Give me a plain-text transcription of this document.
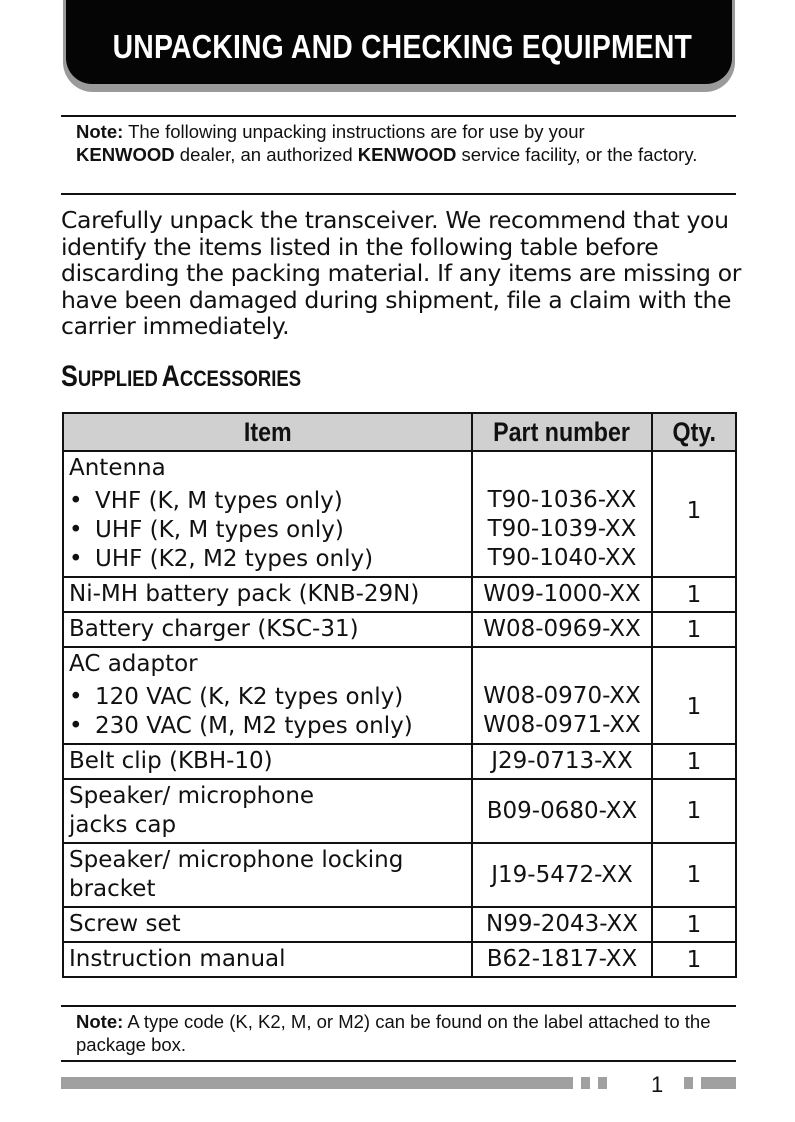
UNPACKING AND CHECKING EQUIPMENT
Note: The following unpacking instructions are for use by your
KENWOOD dealer, an authorized KENWOOD service facility, or the factory.
Carefully unpack the transceiver. We recommend that you identify the items listed in the following table before discarding the packing material. If any items are missing or have been damaged during shipment, file a claim with the carrier immediately.
SUPPLIED ACCESSORIES
Item	Part number	Qty.

Antenna
• VHF (K, M types only)
• UHF (K, M types only)
• UHF (K2, M2 types only)	T90-1036-XX
T90-1039-XX
T90-1040-XX	1
Ni-MH battery pack (KNB-29N)	W09-1000-XX	1
Battery charger (KSC-31)	W08-0969-XX	1

AC adaptor
• 120 VAC (K, K2 types only)
• 230 VAC (M, M2 types only)	W08-0970-XX
W08-0971-XX	1
Belt clip (KBH-10)	J29-0713-XX	1

Speaker/ microphone
jacks cap	B09-0680-XX	1

Speaker/ microphone locking
bracket	J19-5472-XX	1
Screw set	N99-2043-XX	1
Instruction manual	B62-1817-XX	1
Note: A type code (K, K2, M, or M2) can be found on the label attached to the package box.
1
